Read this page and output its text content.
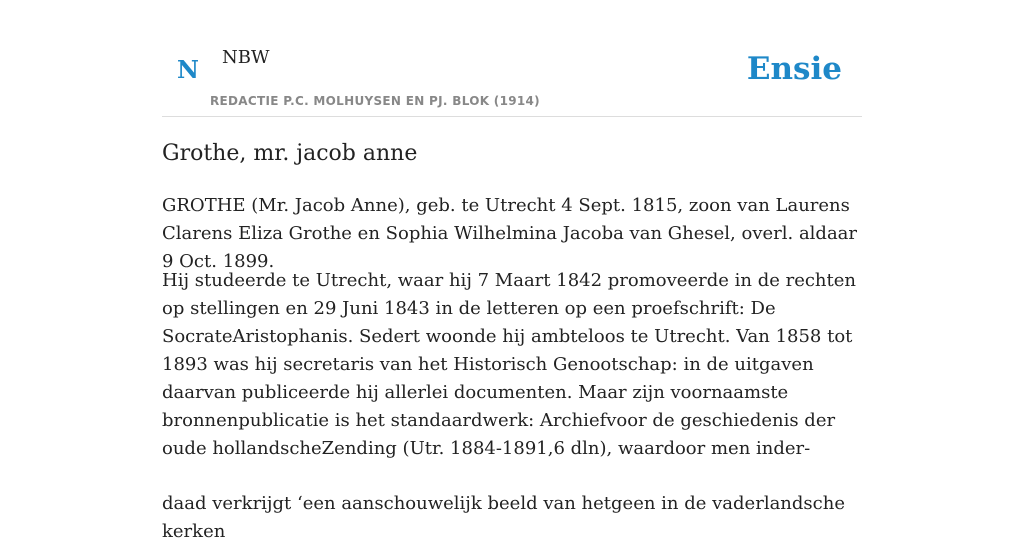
N NBW
REDACTIE P.C. MOLHUYSEN EN PJ. BLOK (1914)
Ensie
Grothe, mr. jacob anne

GROTHE (Mr. Jacob Anne), geb. te Utrecht 4 Sept. 1815, zoon van Laurens Clarens Eliza Grothe en Sophia Wilhelmina Jacoba van Ghesel, overl. aldaar 9 Oct. 1899.

Hij studeerde te Utrecht, waar hij 7 Maart 1842 promoveerde in de rechten op stellingen en 29 Juni 1843 in de letteren op een proefschrift: De SocrateAristophanis. Sedert woonde hij ambteloos te Utrecht. Van 1858 tot 1893 was hij secretaris van het Historisch Genootschap: in de uitgaven daarvan publiceerde hij allerlei documenten. Maar zijn voornaamste bronnenpublicatie is het standaardwerk: Archiefvoor de geschiedenis der oude hollandscheZending (Utr. 1884-1891,6 dln), waardoor men inder-

daad verkrijgt ‘een aanschouwelijk beeld van hetgeen in de vaderlandsche kerken
